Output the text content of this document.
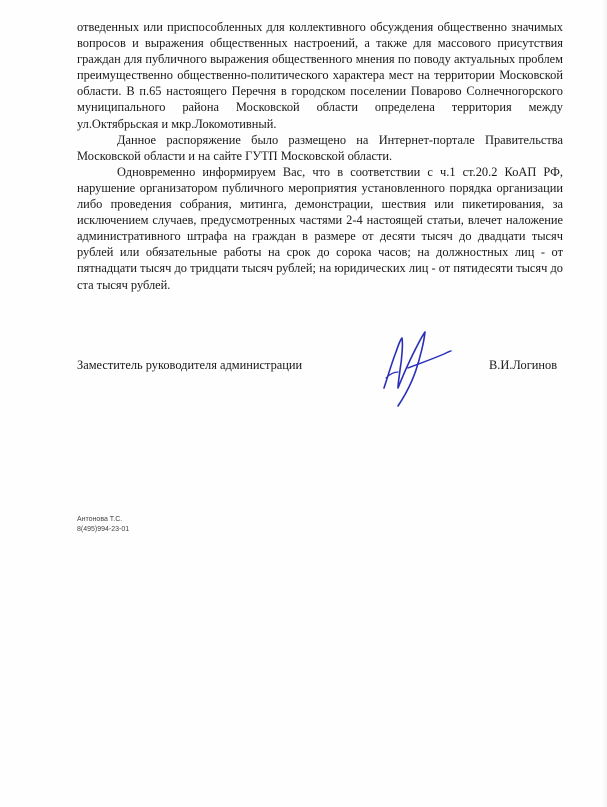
отведенных или приспособленных для коллективного обсуждения общественно значимых вопросов и выражения общественных настроений, а также для массового присутствия граждан для публичного выражения общественного мнения по поводу актуальных проблем преимущественно общественно-политического характера мест на территории Московской области. В п.65 настоящего Перечня в городском поселении Поварово Солнечногорского муниципального района Московской области определена территория между ул.Октябрьская и мкр.Локомотивный.

Данное распоряжение было размещено на Интернет-портале Правительства Московской области и на сайте ГУТП Московской области.

Одновременно информируем Вас, что в соответствии с ч.1 ст.20.2 КоАП РФ, нарушение организатором публичного мероприятия установленного порядка организации либо проведения собрания, митинга, демонстрации, шествия или пикетирования, за исключением случаев, предусмотренных частями 2-4 настоящей статьи, влечет наложение административного штрафа на граждан в размере от десяти тысяч до двадцати тысяч рублей или обязательные работы на срок до сорока часов; на должностных лиц - от пятнадцати тысяч до тридцати тысяч рублей; на юридических лиц - от пятидесяти тысяч до ста тысяч рублей.

Заместитель руководителя администрации	В.И.Логинов
Антонова Т.С.
8(495)994-23-01
